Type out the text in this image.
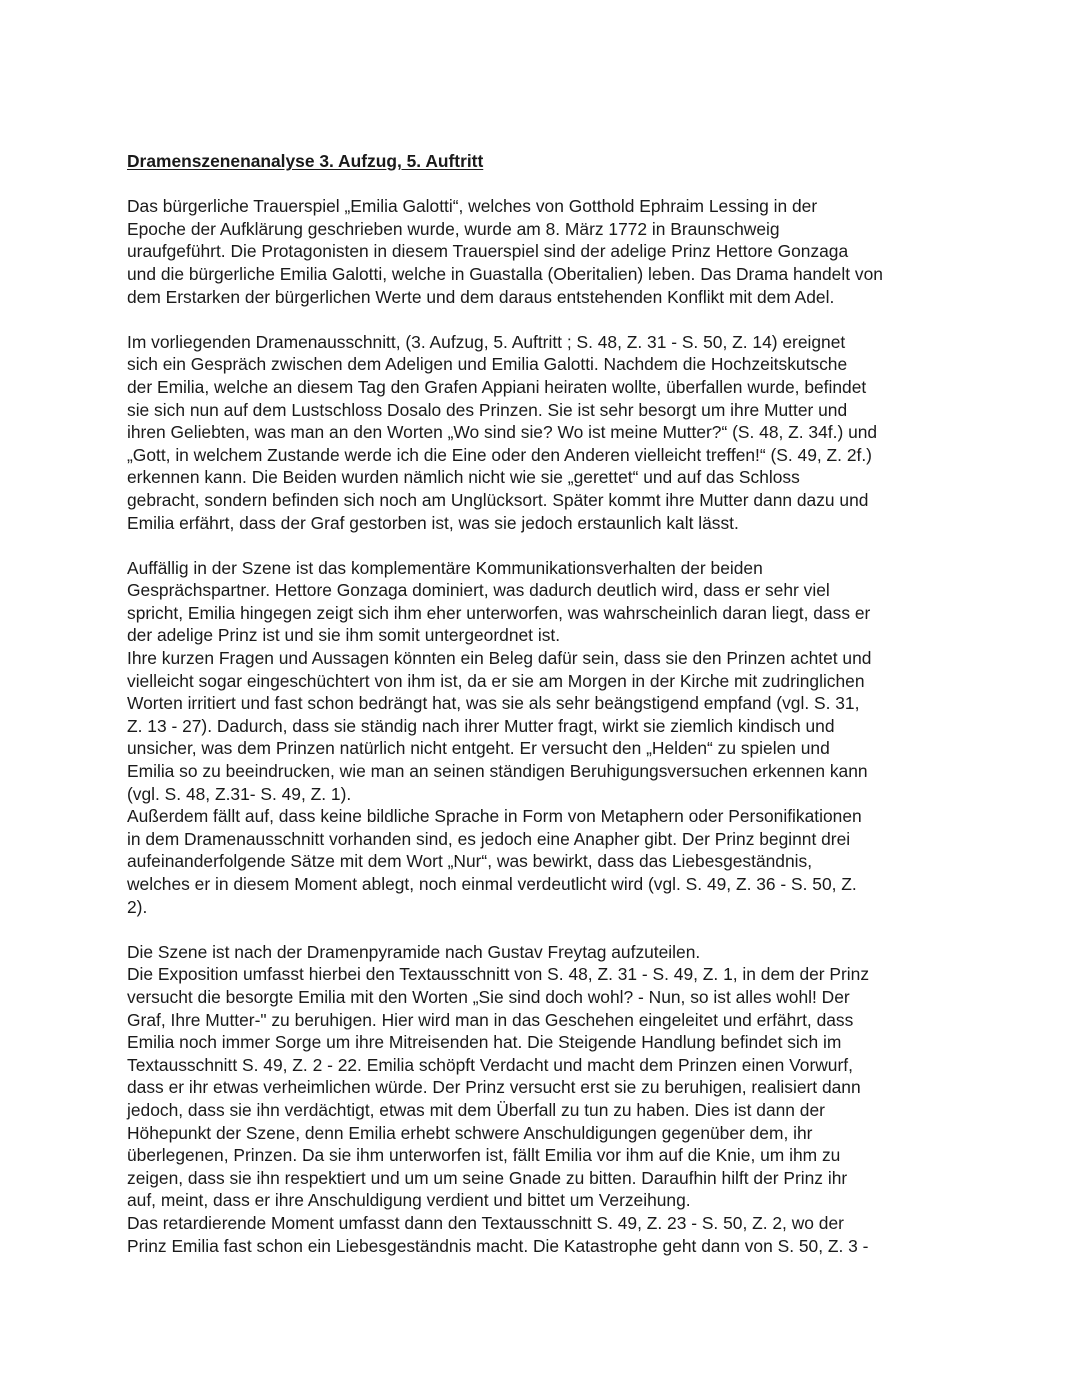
Dramenszenenanalyse 3. Aufzug, 5. Auftritt
Das bürgerliche Trauerspiel „Emilia Galotti“, welches von Gotthold Ephraim Lessing in der
Epoche der Aufklärung geschrieben wurde, wurde am 8. März 1772 in Braunschweig
uraufgeführt. Die Protagonisten in diesem Trauerspiel sind der adelige Prinz Hettore Gonzaga
und die bürgerliche Emilia Galotti, welche in Guastalla (Oberitalien) leben. Das Drama handelt von
dem Erstarken der bürgerlichen Werte und dem daraus entstehenden Konflikt mit dem Adel.
Im vorliegenden Dramenausschnitt, (3. Aufzug, 5. Auftritt ; S. 48, Z. 31 - S. 50, Z. 14) ereignet
sich ein Gespräch zwischen dem Adeligen und Emilia Galotti. Nachdem die Hochzeitskutsche
der Emilia, welche an diesem Tag den Grafen Appiani heiraten wollte, überfallen wurde, befindet
sie sich nun auf dem Lustschloss Dosalo des Prinzen. Sie ist sehr besorgt um ihre Mutter und
ihren Geliebten, was man an den Worten „Wo sind sie? Wo ist meine Mutter?“ (S. 48, Z. 34f.) und
„Gott, in welchem Zustande werde ich die Eine oder den Anderen vielleicht treffen!“ (S. 49, Z. 2f.)
erkennen kann. Die Beiden wurden nämlich nicht wie sie „gerettet“ und auf das Schloss
gebracht, sondern befinden sich noch am Unglücksort. Später kommt ihre Mutter dann dazu und
Emilia erfährt, dass der Graf gestorben ist, was sie jedoch erstaunlich kalt lässt.
Auffällig in der Szene ist das komplementäre Kommunikationsverhalten der beiden
Gesprächspartner. Hettore Gonzaga dominiert, was dadurch deutlich wird, dass er sehr viel
spricht, Emilia hingegen zeigt sich ihm eher unterworfen, was wahrscheinlich daran liegt, dass er
der adelige Prinz ist und sie ihm somit untergeordnet ist.
Ihre kurzen Fragen und Aussagen könnten ein Beleg dafür sein, dass sie den Prinzen achtet und
vielleicht sogar eingeschüchtert von ihm ist, da er sie am Morgen in der Kirche mit zudringlichen
Worten irritiert und fast schon bedrängt hat, was sie als sehr beängstigend empfand (vgl. S. 31,
Z. 13 - 27). Dadurch, dass sie ständig nach ihrer Mutter fragt, wirkt sie ziemlich kindisch und
unsicher, was dem Prinzen natürlich nicht entgeht. Er versucht den „Helden“ zu spielen und
Emilia so zu beeindrucken, wie man an seinen ständigen Beruhigungsversuchen erkennen kann
(vgl. S. 48, Z.31- S. 49, Z. 1).
Außerdem fällt auf, dass keine bildliche Sprache in Form von Metaphern oder Personifikationen
in dem Dramenausschnitt vorhanden sind, es jedoch eine Anapher gibt. Der Prinz beginnt drei
aufeinanderfolgende Sätze mit dem Wort „Nur“, was bewirkt, dass das Liebesgeständnis,
welches er in diesem Moment ablegt, noch einmal verdeutlicht wird (vgl. S. 49, Z. 36 - S. 50, Z.
2).
Die Szene ist nach der Dramenpyramide nach Gustav Freytag aufzuteilen.
Die Exposition umfasst hierbei den Textausschnitt von S. 48, Z. 31 - S. 49, Z. 1, in dem der Prinz
versucht die besorgte Emilia mit den Worten „Sie sind doch wohl? - Nun, so ist alles wohl! Der
Graf, Ihre Mutter-" zu beruhigen. Hier wird man in das Geschehen eingeleitet und erfährt, dass
Emilia noch immer Sorge um ihre Mitreisenden hat. Die Steigende Handlung befindet sich im
Textausschnitt S. 49, Z. 2 - 22. Emilia schöpft Verdacht und macht dem Prinzen einen Vorwurf,
dass er ihr etwas verheimlichen würde. Der Prinz versucht erst sie zu beruhigen, realisiert dann
jedoch, dass sie ihn verdächtigt, etwas mit dem Überfall zu tun zu haben. Dies ist dann der
Höhepunkt der Szene, denn Emilia erhebt schwere Anschuldigungen gegenüber dem, ihr
überlegenen, Prinzen. Da sie ihm unterworfen ist, fällt Emilia vor ihm auf die Knie, um ihm zu
zeigen, dass sie ihn respektiert und um um seine Gnade zu bitten. Daraufhin hilft der Prinz ihr
auf, meint, dass er ihre Anschuldigung verdient und bittet um Verzeihung.
Das retardierende Moment umfasst dann den Textausschnitt S. 49, Z. 23 - S. 50, Z. 2, wo der
Prinz Emilia fast schon ein Liebesgeständnis macht. Die Katastrophe geht dann von S. 50, Z. 3 -
